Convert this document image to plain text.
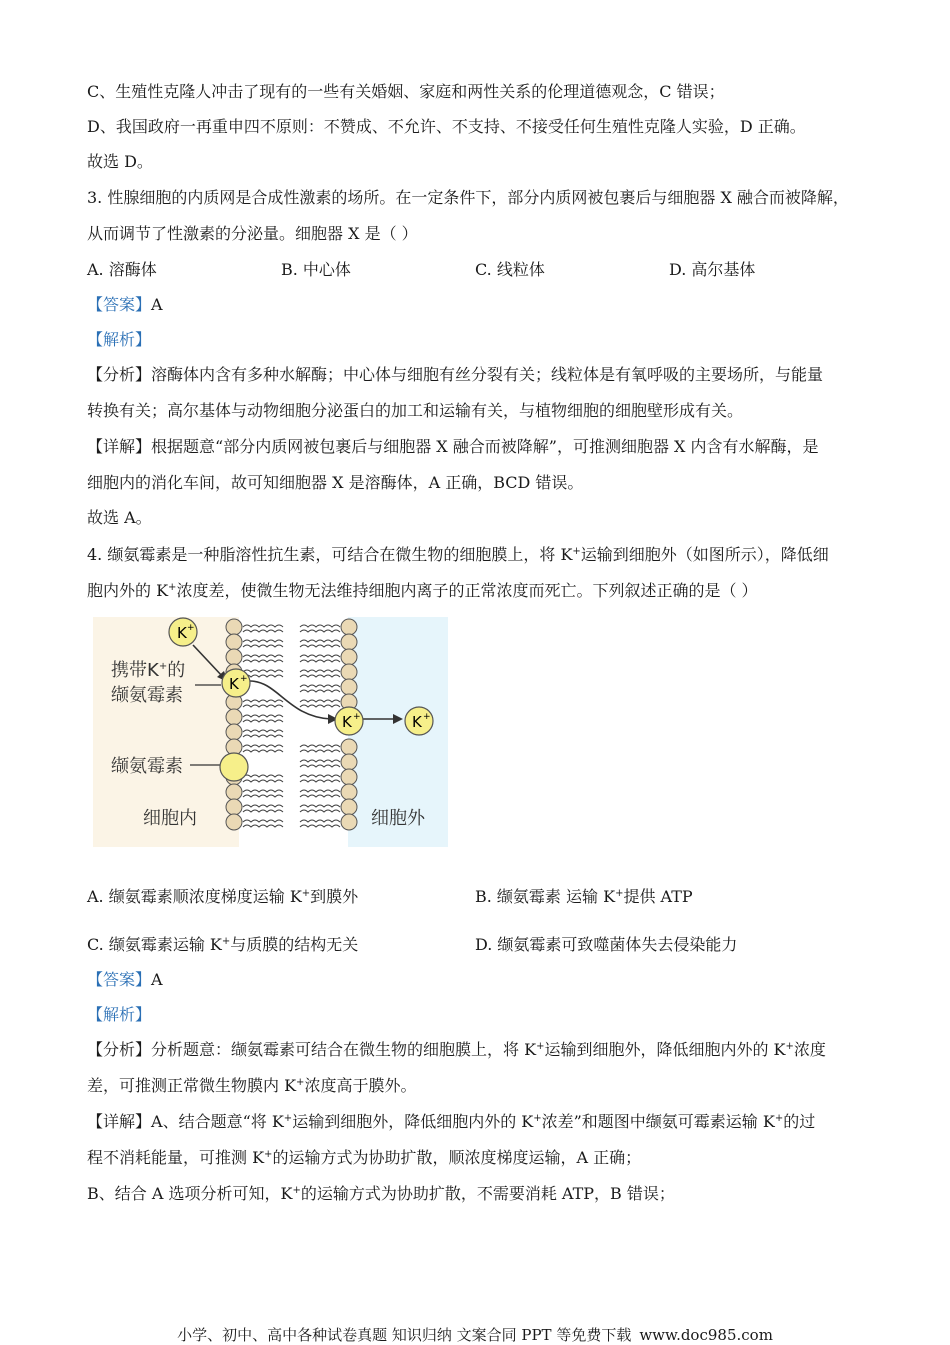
C、生殖性克隆人冲击了现有的一些有关婚姻、家庭和两性关系的伦理道德观念，C 错误；
D、我国政府一再重申四不原则：不赞成、不允许、不支持、不接受任何生殖性克隆人实验，D 正确。
故选 D。
3. 性腺细胞的内质网是合成性激素的场所。在一定条件下，部分内质网被包裹后与细胞器 X 融合而被降解，
从而调节了性激素的分泌量。细胞器 X 是（ ）
A. 溶酶体	B. 中心体	C. 线粒体	D. 高尔基体
【答案】A
【解析】
【分析】溶酶体内含有多种水解酶；中心体与细胞有丝分裂有关；线粒体是有氧呼吸的主要场所，与能量
转换有关；高尔基体与动物细胞分泌蛋白的加工和运输有关，与植物细胞的细胞壁形成有关。
【详解】根据题意“部分内质网被包裹后与细胞器 X 融合而被降解”，可推测细胞器 X 内含有水解酶，是
细胞内的消化车间，故可知细胞器 X 是溶酶体，A 正确，BCD 错误。
故选 A。
4. 缬氨霉素是一种脂溶性抗生素，可结合在微生物的细胞膜上，将 K+运输到细胞外（如图所示），降低细
胞内外的 K+浓度差，使微生物无法维持细胞内离子的正常浓度而死亡。下列叙述正确的是（ ）
K +
K +
K +	K +
携带K+的
缬氨霉素
缬氨霉素
细胞内	细胞外
A. 缬氨霉素顺浓度梯度运输 K+到膜外	B. 缬氨霉素 运输 K+提供 ATP
C. 缬氨霉素运输 K+与质膜的结构无关	D. 缬氨霉素可致噬菌体失去侵染能力
【答案】A
【解析】
【分析】分析题意：缬氨霉素可结合在微生物的细胞膜上，将 K+运输到细胞外，降低细胞内外的 K+浓度
差，可推测正常微生物膜内 K+浓度高于膜外。
【详解】A、结合题意“将 K+运输到细胞外，降低细胞内外的 K+浓差”和题图中缬氨可霉素运输 K+的过
程不消耗能量，可推测 K+的运输方式为协助扩散，顺浓度梯度运输，A 正确；
B、结合 A 选项分析可知，K+的运输方式为协助扩散，不需要消耗 ATP，B 错误；
小学、初中、高中各种试卷真题 知识归纳 文案合同 PPT 等免费下载 www.doc985.com
